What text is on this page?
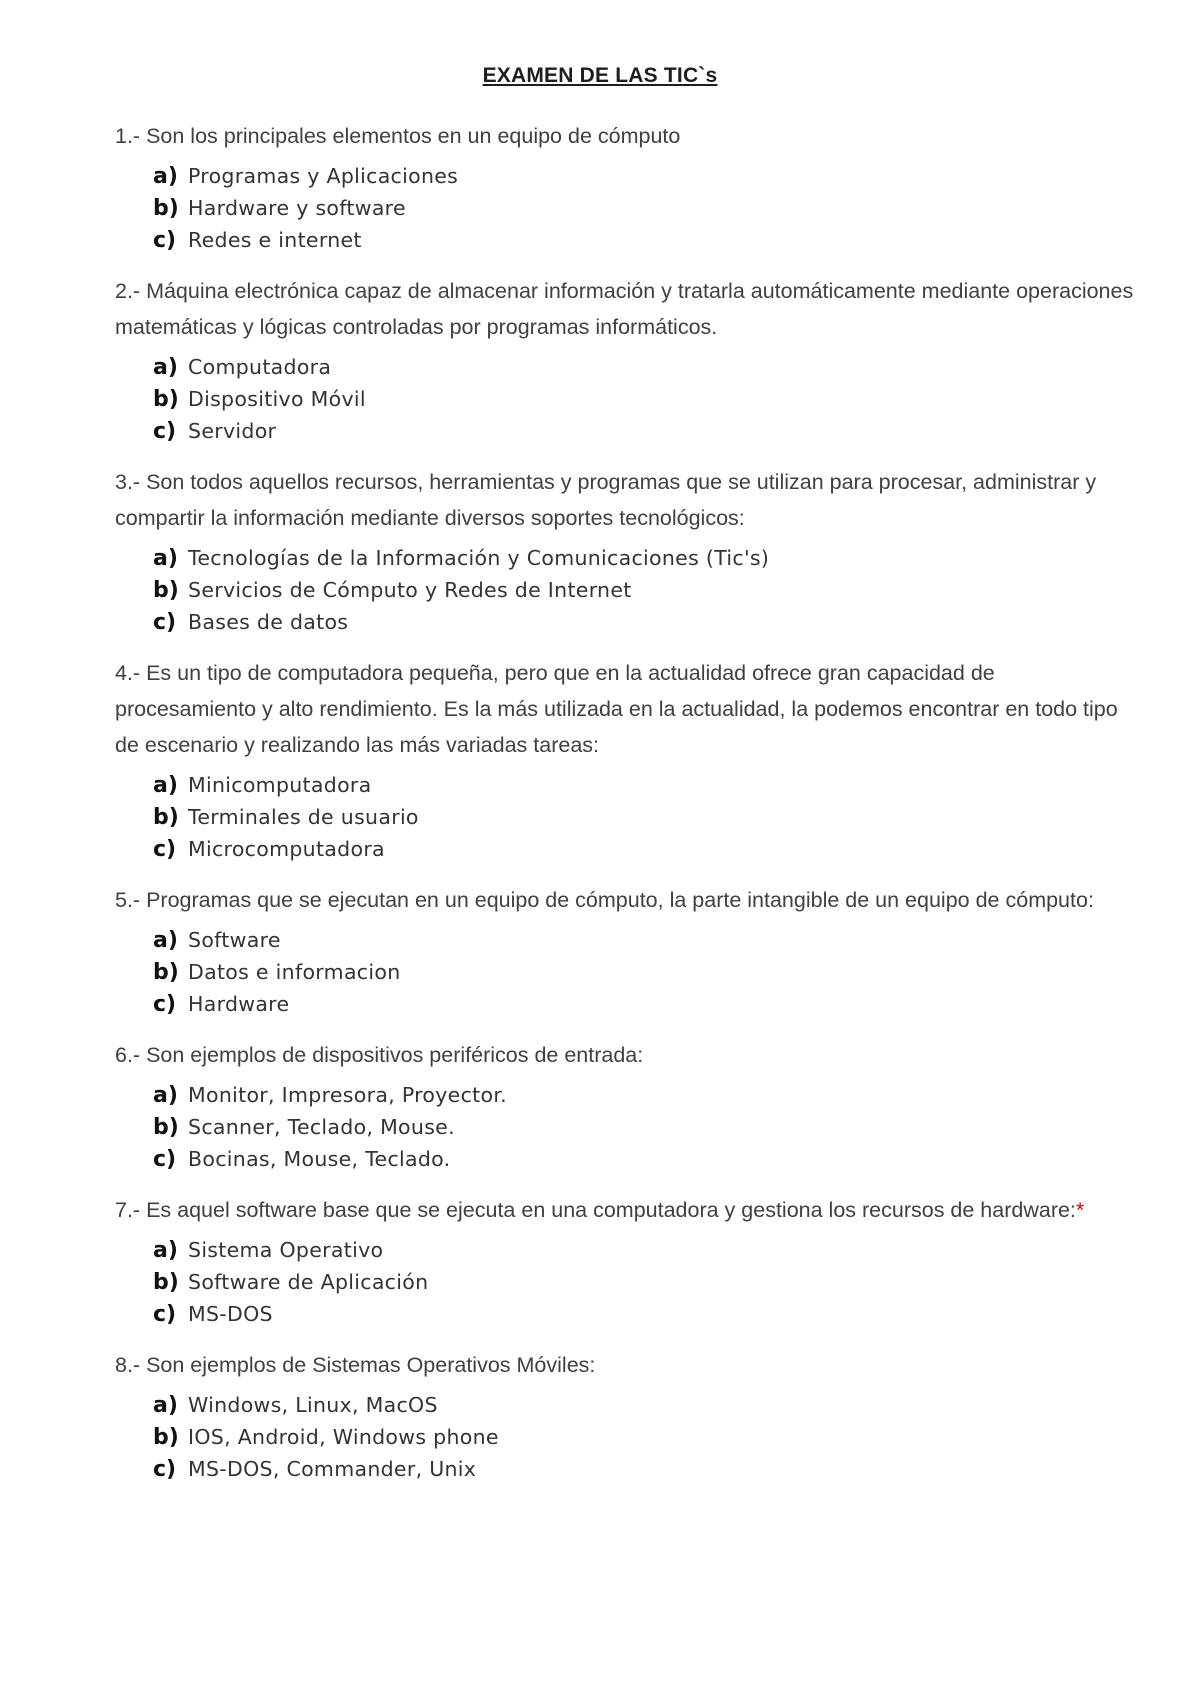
EXAMEN DE LAS TIC`s
1.- Son los principales elementos en un equipo de cómputo
a) Programas y Aplicaciones
b) Hardware y software
c) Redes e internet
2.- Máquina electrónica capaz de almacenar información y tratarla automáticamente mediante operaciones matemáticas y lógicas controladas por programas informáticos.
a) Computadora
b) Dispositivo Móvil
c) Servidor
3.- Son todos aquellos recursos, herramientas y programas que se utilizan para procesar, administrar y compartir la información mediante diversos soportes tecnológicos:
a) Tecnologías de la Información y Comunicaciones (Tic's)
b) Servicios de Cómputo y Redes de Internet
c) Bases de datos
4.- Es un tipo de computadora pequeña, pero que en la actualidad ofrece gran capacidad de procesamiento y alto rendimiento. Es la más utilizada en la actualidad, la podemos encontrar en todo tipo de escenario y realizando las más variadas tareas:
a) Minicomputadora
b) Terminales de usuario
c) Microcomputadora
5.- Programas que se ejecutan en un equipo de cómputo, la parte intangible de un equipo de cómputo:
a) Software
b) Datos e informacion
c) Hardware
6.- Son ejemplos de dispositivos periféricos de entrada:
a) Monitor, Impresora, Proyector.
b) Scanner, Teclado, Mouse.
c) Bocinas, Mouse, Teclado.
7.- Es aquel software base que se ejecuta en una computadora y gestiona los recursos de hardware:*
a) Sistema Operativo
b) Software de Aplicación
c) MS-DOS
8.- Son ejemplos de Sistemas Operativos Móviles:
a) Windows, Linux, MacOS
b) IOS, Android, Windows phone
c) MS-DOS, Commander, Unix
